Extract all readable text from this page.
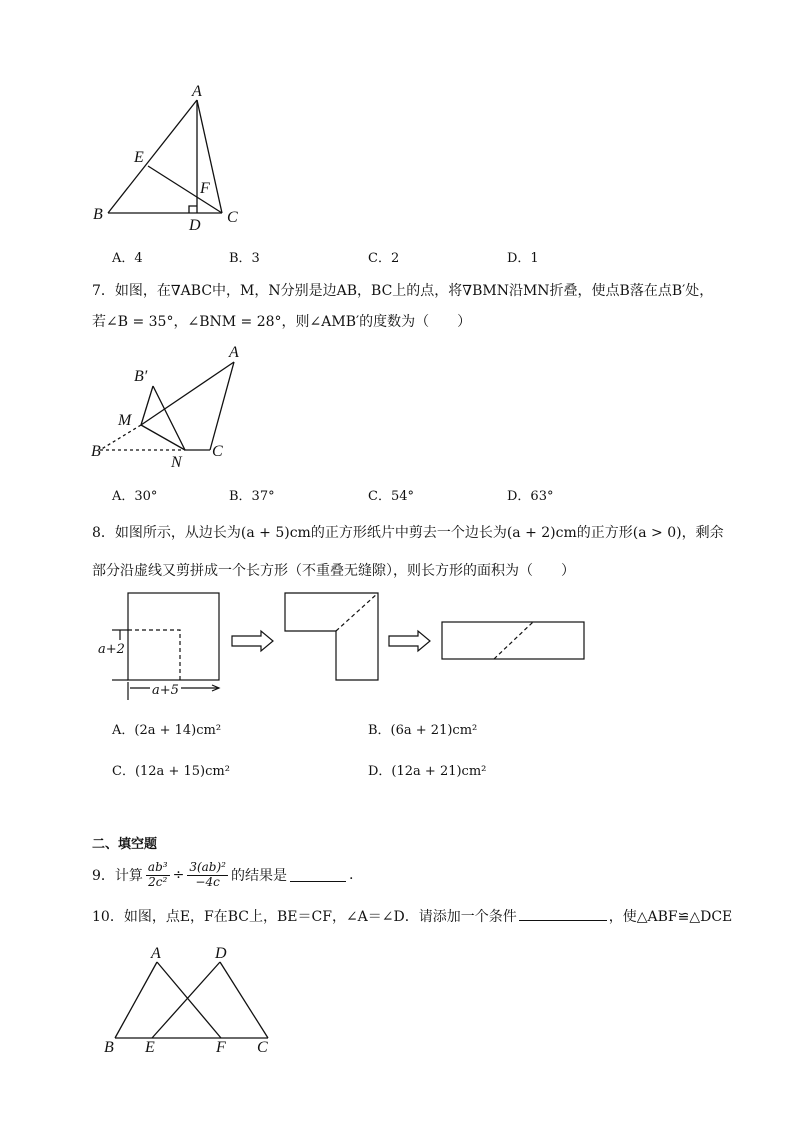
A
E
F
B
D C
A．4	B．3	C．2	D．1
7．如图，在∇ABC中，M，N分别是边AB，BC上的点，将∇BMN沿MN折叠，使点B落在点B′处，
若∠B = 35°，∠BNM = 28°，则∠AMB′的度数为（　　）
A
B′
M
B
N
C
A．30°	B．37°	C．54°	D．63°
8．如图所示，从边长为(a + 5)cm的正方形纸片中剪去一个边长为(a + 2)cm的正方形(a > 0)，剩余
部分沿虚线又剪拼成一个长方形（不重叠无缝隙），则长方形的面积为（　　）
a+2
a+5
A．(2a + 14)cm²	B．(6a + 21)cm²
C．(12a + 15)cm²	D．(12a + 21)cm²
二、填空题
9．计算 $\frac{\text{ab³}}{\text{2c²}} \div \frac{\text{3(ab)²}}{-4c}$ 的结果是	.
10．如图，点E，F在BC上，BE＝CF，∠A＝∠D．请添加一个条件	，使△ABF≌△DCE
A	D
B E	F C
